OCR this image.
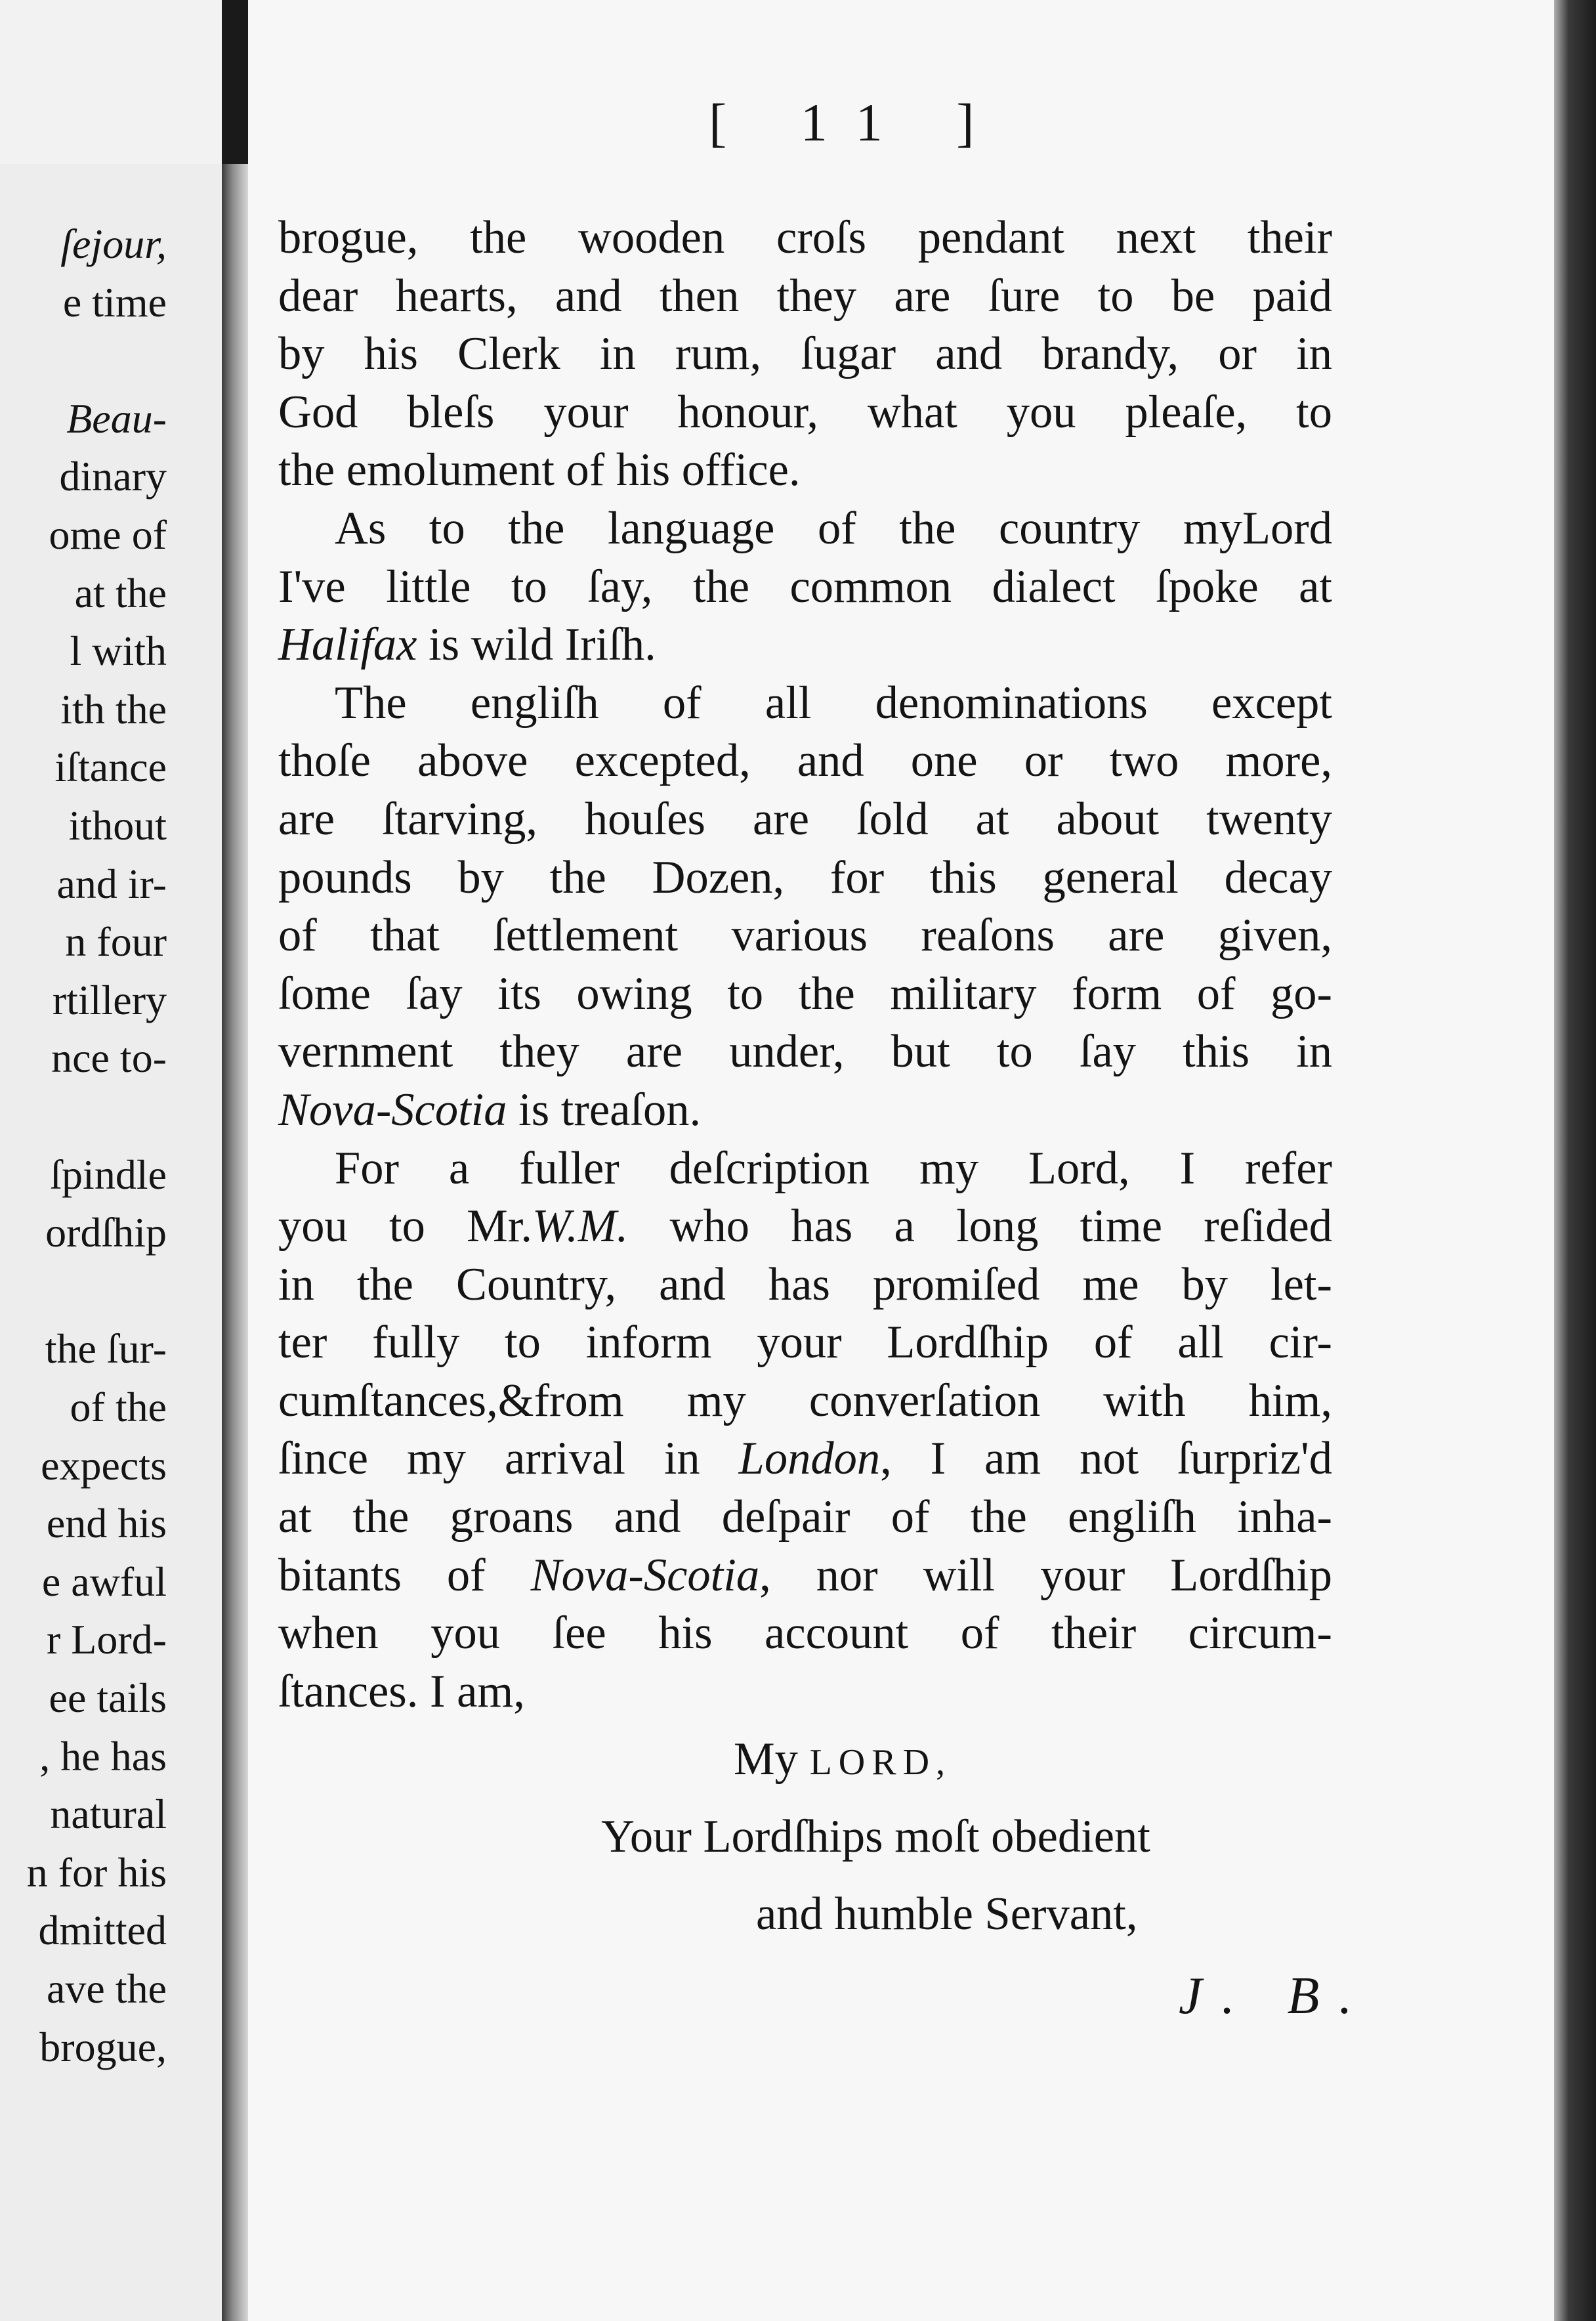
ſejour,
e time
Beau-
dinary
ome of
at the
l with
ith the
iſtance
ithout
and ir-
n four
rtillery
nce to-
ſpindle
ordſhip
the ſur-
of the
expects
end his
e awful
r Lord-
ee tails
, he has
natural
n for his
dmitted
ave the
brogue,
[ 11 ]

brogue, the wooden croſs pendant next their
dear hearts, and then they are ſure to be paid
by his Clerk in rum, ſugar and brandy, or in
God bleſs your honour, what you pleaſe, to
the emolument of his office.

As to the language of the country myLord
I've little to ſay, the common dialect ſpoke at
Halifax is wild Iriſh.

The engliſh of all denominations except
thoſe above excepted, and one or two more,
are ſtarving, houſes are ſold at about twenty
pounds by the Dozen, for this general decay
of that ſettlement various reaſons are given,
ſome ſay its owing to the military form of go-
vernment they are under, but to ſay this in
Nova-Scotia is treaſon.

For a fuller deſcription my Lord, I refer
you to Mr.W.M. who has a long time reſided
in the Country, and has promiſed me by let-
ter fully to inform your Lordſhip of all cir-
cumſtances,&from my converſation with him,
ſince my arrival in London, I am not ſurpriz'd
at the groans and deſpair of the engliſh inha-
bitants of Nova-Scotia, nor will your Lordſhip
when you ſee his account of their circum-
ſtances. I am,

My LORD,
Your Lordſhips moſt obedient
and humble Servant,
J. B.
